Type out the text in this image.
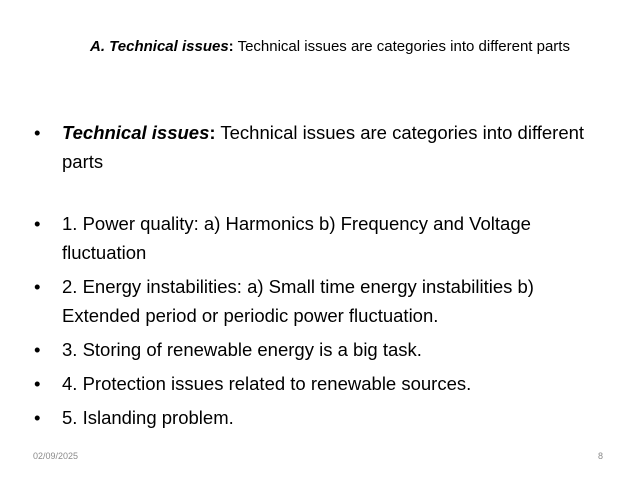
A. Technical issues: Technical issues are categories into different parts
• Technical issues: Technical issues are categories into different parts
• 1. Power quality: a) Harmonics b) Frequency and Voltage fluctuation
• 2. Energy instabilities: a) Small time energy instabilities b) Extended period or periodic power fluctuation.
• 3. Storing of renewable energy is a big task.
• 4. Protection issues related to renewable sources.
• 5. Islanding problem.
02/09/2025	8
